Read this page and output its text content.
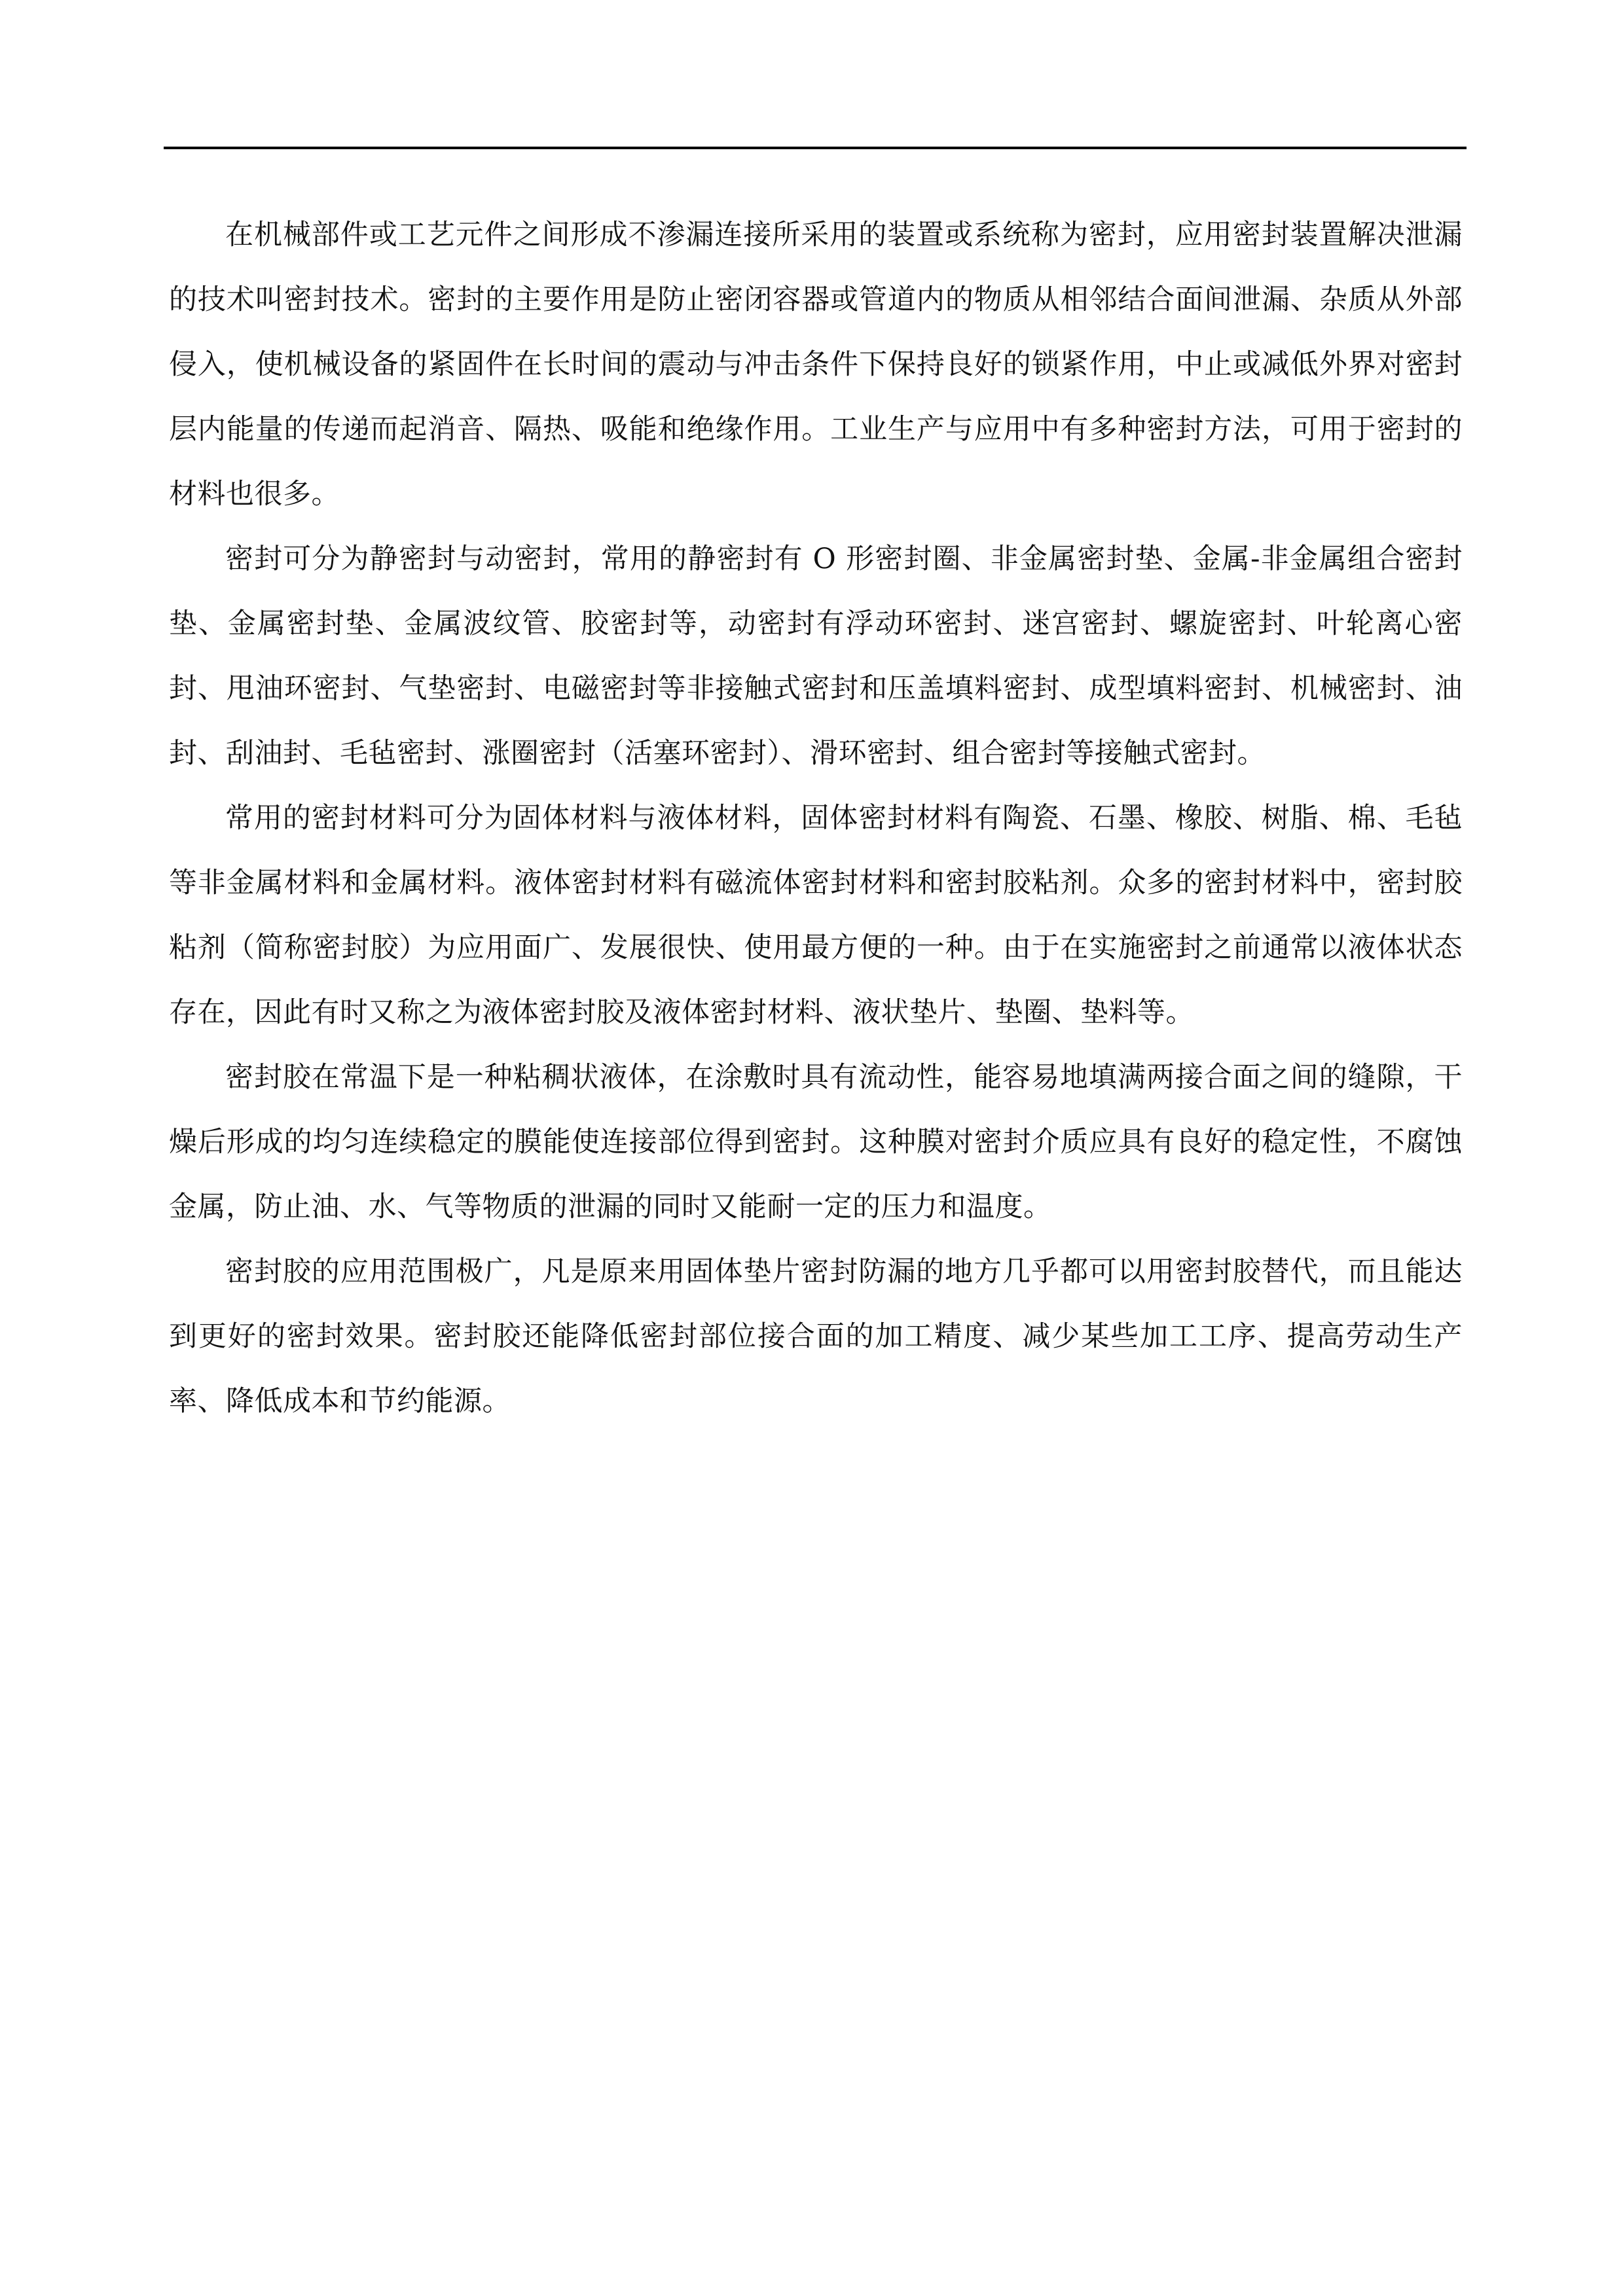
在机械部件或工艺元件之间形成不渗漏连接所采用的装置或系统称为密封，应用密封装置解决泄漏的技术叫密封技术。密封的主要作用是防止密闭容器或管道内的物质从相邻结合面间泄漏、杂质从外部侵入，使机械设备的紧固件在长时间的震动与冲击条件下保持良好的锁紧作用，中止或减低外界对密封层内能量的传递而起消音、隔热、吸能和绝缘作用。工业生产与应用中有多种密封方法，可用于密封的材料也很多。

密封可分为静密封与动密封，常用的静密封有 O 形密封圈、非金属密封垫、金属-非金属组合密封垫、金属密封垫、金属波纹管、胶密封等，动密封有浮动环密封、迷宫密封、螺旋密封、叶轮离心密封、甩油环密封、气垫密封、电磁密封等非接触式密封和压盖填料密封、成型填料密封、机械密封、油封、刮油封、毛毡密封、涨圈密封（活塞环密封）、滑环密封、组合密封等接触式密封。

常用的密封材料可分为固体材料与液体材料，固体密封材料有陶瓷、石墨、橡胶、树脂、棉、毛毡等非金属材料和金属材料。液体密封材料有磁流体密封材料和密封胶粘剂。众多的密封材料中，密封胶粘剂（简称密封胶）为应用面广、发展很快、使用最方便的一种。由于在实施密封之前通常以液体状态存在，因此有时又称之为液体密封胶及液体密封材料、液状垫片、垫圈、垫料等。

密封胶在常温下是一种粘稠状液体，在涂敷时具有流动性，能容易地填满两接合面之间的缝隙，干燥后形成的均匀连续稳定的膜能使连接部位得到密封。这种膜对密封介质应具有良好的稳定性，不腐蚀金属，防止油、水、气等物质的泄漏的同时又能耐一定的压力和温度。

密封胶的应用范围极广，凡是原来用固体垫片密封防漏的地方几乎都可以用密封胶替代，而且能达到更好的密封效果。密封胶还能降低密封部位接合面的加工精度、减少某些加工工序、提高劳动生产率、降低成本和节约能源。
